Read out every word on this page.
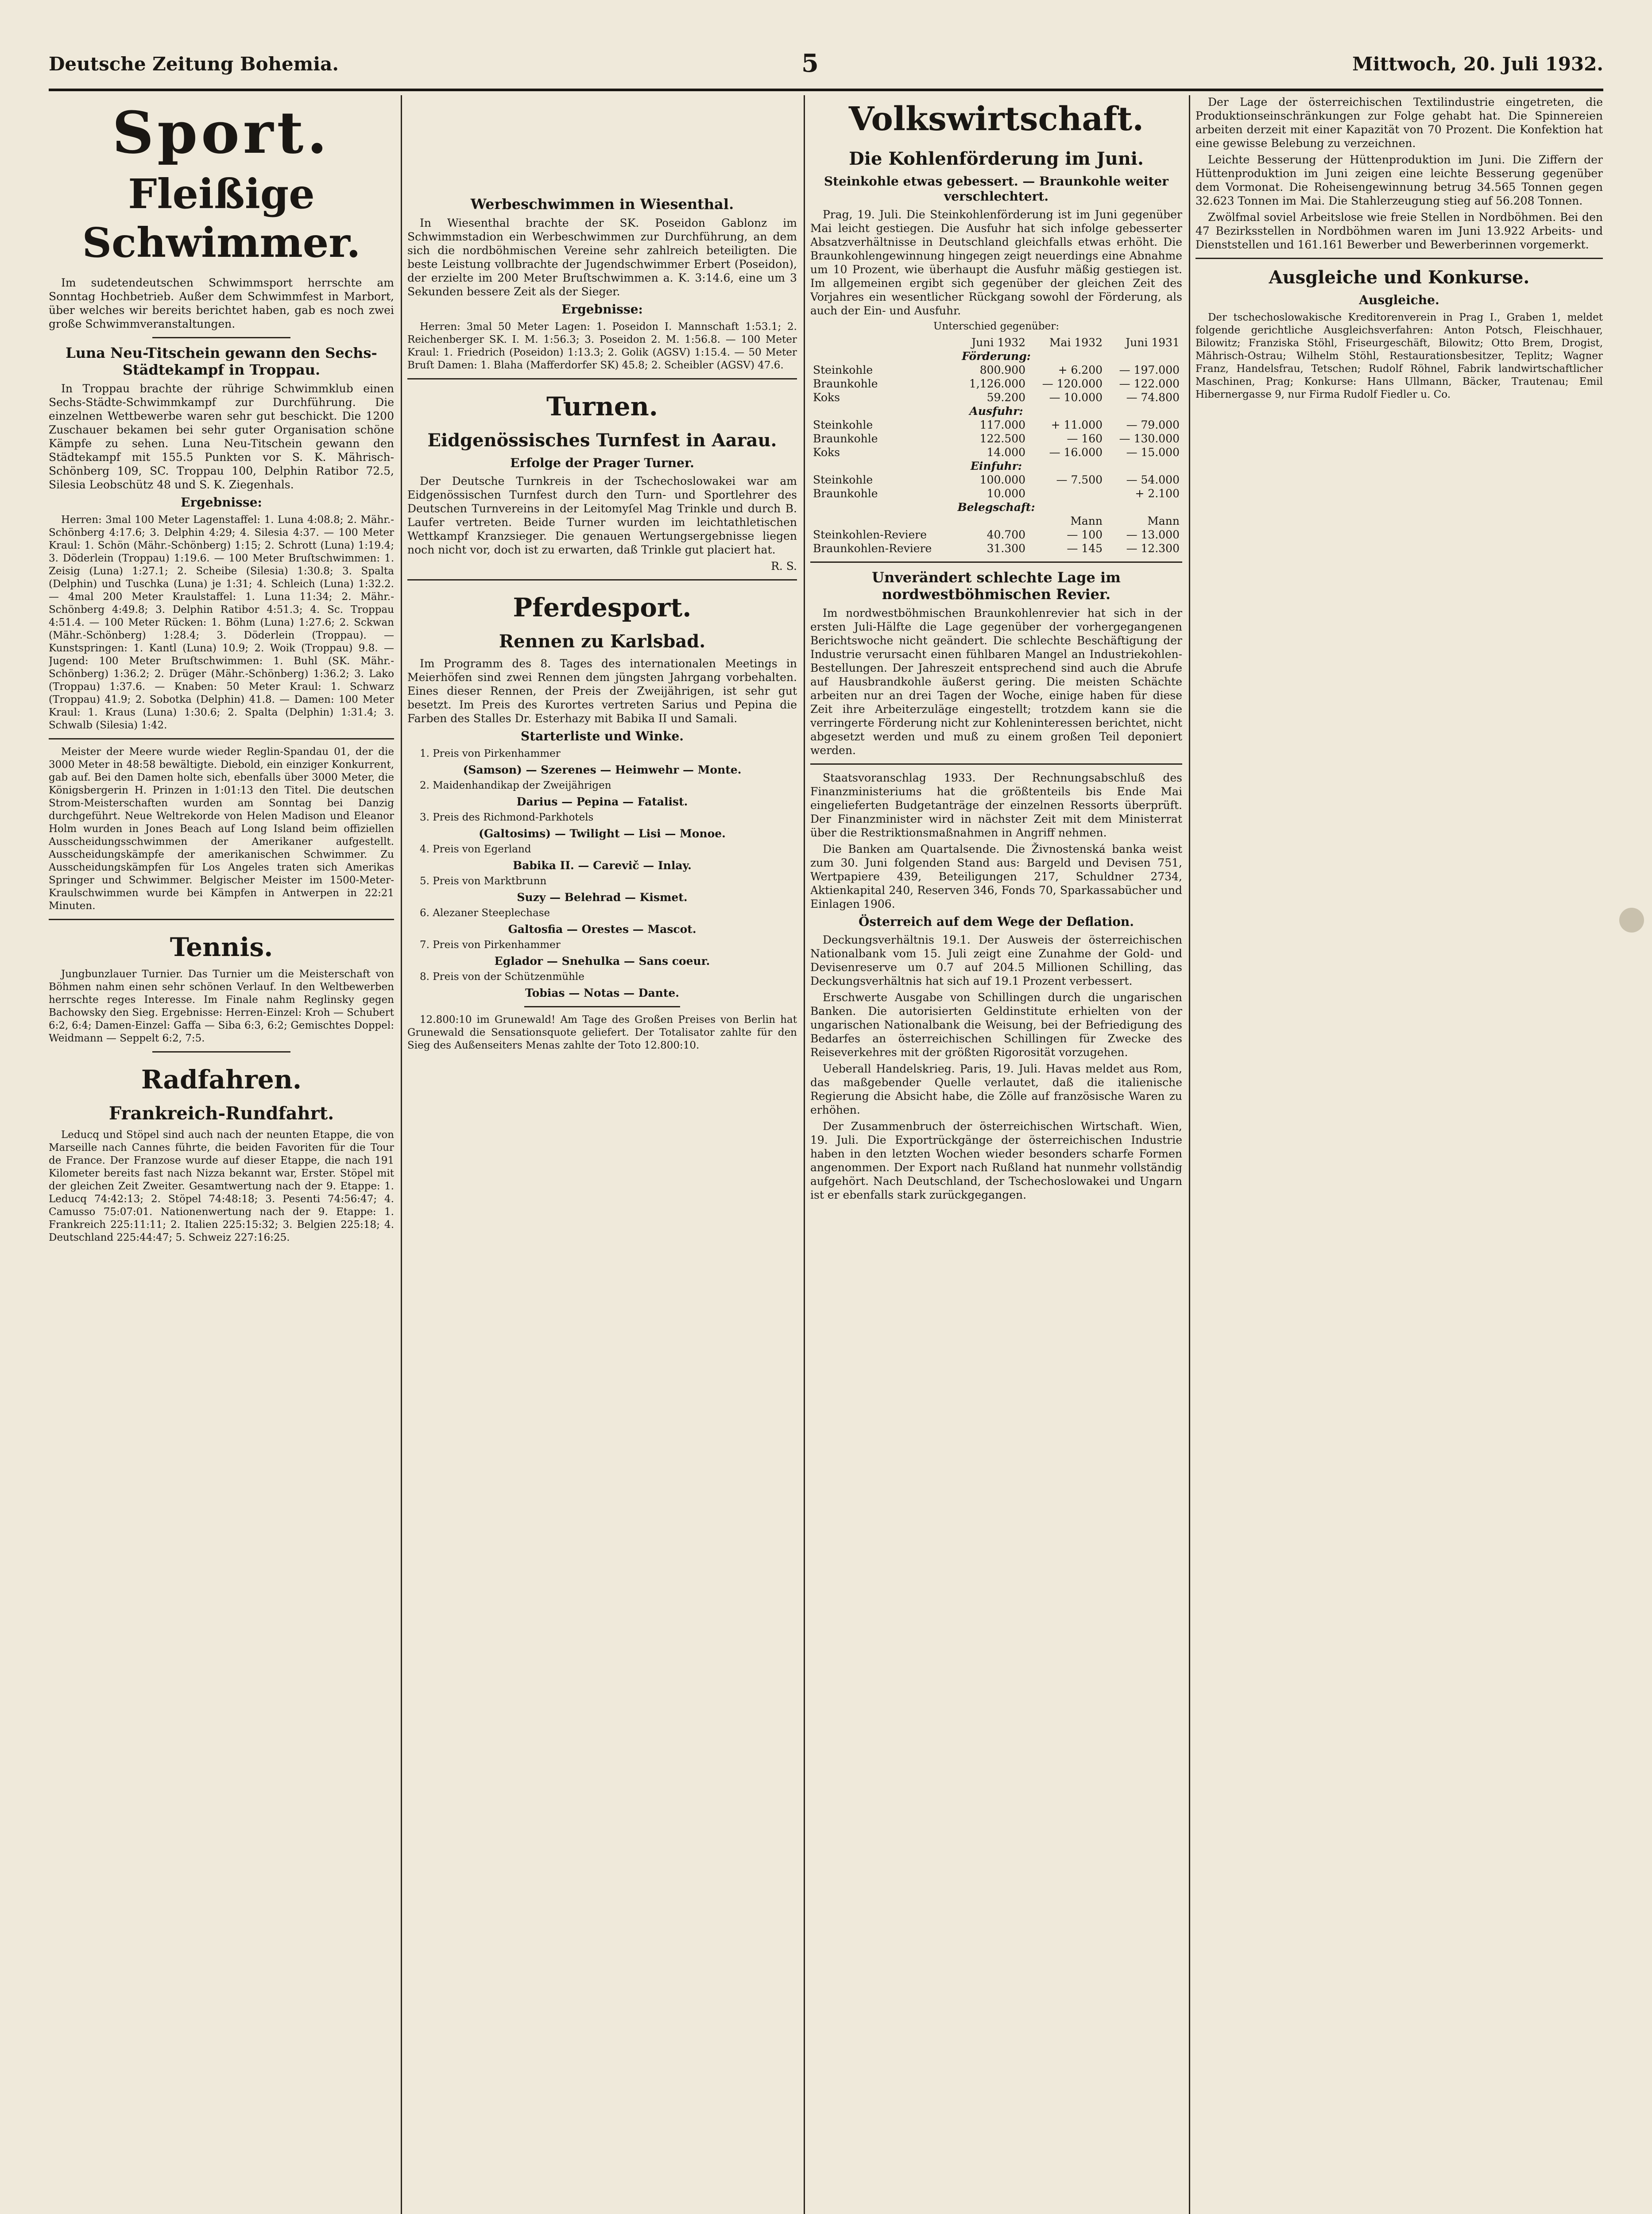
Deutsche Zeitung Bohemia.	5	Mittwoch, 20. Juli 1932.
Sport.
Fleißige Schwimmer.

Im sudetendeutschen Schwimmsport herrschte am Sonntag Hochbetrieb. Außer dem Schwimmfest in Marbort, über welches wir bereits berichtet haben, gab es noch zwei große Schwimmveranstaltungen.

Luna Neu-Titschein gewann den Sechs-Städtekampf in Troppau.

In Troppau brachte der rührige Schwimmklub einen Sechs-Städte-Schwimmkampf zur Durchführung. Die einzelnen Wettbewerbe waren sehr gut beschickt. Die 1200 Zuschauer bekamen bei sehr guter Organisation schöne Kämpfe zu sehen. Luna Neu-Titschein gewann den Städtekampf mit 155.5 Punkten vor S. K. Mährisch-Schönberg 109, SC. Troppau 100, Delphin Ratibor 72.5, Silesia Leobschütz 48 und S. K. Ziegenhals.

Ergebnisse:

Herren: 3mal 100 Meter Lagenstaffel: 1. Luna 4:08.8; 2. Mähr.-Schönberg 4:17.6; 3. Delphin 4:29; 4. Silesia 4:37. — 100 Meter Kraul: 1. Schön (Mähr.-Schönberg) 1:15; 2. Schrott (Luna) 1:19.4; 3. Döderlein (Troppau) 1:19.6. — 100 Meter Bruſtschwimmen: 1. Zeisig (Luna) 1:27.1; 2. Scheibe (Silesia) 1:30.8; 3. Spalta (Delphin) und Tuschka (Luna) je 1:31; 4. Schleich (Luna) 1:32.2. — 4mal 200 Meter Kraulstaffel: 1. Luna 11:34; 2. Mähr.-Schönberg 4:49.8; 3. Delphin Ratibor 4:51.3; 4. Sc. Troppau 4:51.4. — 100 Meter Rücken: 1. Böhm (Luna) 1:27.6; 2. Sckwan (Mähr.-Schönberg) 1:28.4; 3. Döderlein (Troppau). — Kunstspringen: 1. Kantl (Luna) 10.9; 2. Woik (Troppau) 9.8. — Jugend: 100 Meter Bruſtschwimmen: 1. Buhl (SK. Mähr.-Schönberg) 1:36.2; 2. Drüger (Mähr.-Schönberg) 1:36.2; 3. Lako (Troppau) 1:37.6. — Knaben: 50 Meter Kraul: 1. Schwarz (Troppau) 41.9; 2. Sobotka (Delphin) 41.8. — Damen: 100 Meter Kraul: 1. Kraus (Luna) 1:30.6; 2. Spalta (Delphin) 1:31.4; 3. Schwalb (Silesia) 1:42.

Meister der Meere wurde wieder Reglin-Spandau 01, der die 3000 Meter in 48:58 bewältigte. Diebold, ein einziger Konkurrent, gab auf. Bei den Damen holte sich, ebenfalls über 3000 Meter, die Königsbergerin H. Prinzen in 1:01:13 den Titel. Die deutschen Strom-Meisterschaften wurden am Sonntag bei Danzig durchgeführt. Neue Weltrekorde von Helen Madison und Eleanor Holm wurden in Jones Beach auf Long Island beim offiziellen Ausscheidungsschwimmen der Amerikaner aufgestellt. Ausscheidungskämpfe der amerikanischen Schwimmer. Zu Ausscheidungskämpfen für Los Angeles traten sich Amerikas Springer und Schwimmer. Belgischer Meister im 1500-Meter-Kraulschwimmen wurde bei Kämpfen in Antwerpen in 22:21 Minuten.

Tennis.

Jungbunzlauer Turnier. Das Turnier um die Meisterschaft von Böhmen nahm einen sehr schönen Verlauf. In den Weltbewerben herrschte reges Interesse. Im Finale nahm Reglinsky gegen Bachowsky den Sieg. Ergebnisse: Herren-Einzel: Kroh — Schubert 6:2, 6:4; Damen-Einzel: Gaffa — Siba 6:3, 6:2; Gemischtes Doppel: Weidmann — Seppelt 6:2, 7:5.

Radfahren.
Frankreich-Rundfahrt.

Leducq und Stöpel sind auch nach der neunten Etappe, die von Marseille nach Cannes führte, die beiden Favoriten für die Tour de France. Der Franzose wurde auf dieser Etappe, die nach 191 Kilometer bereits fast nach Nizza bekannt war, Erster. Stöpel mit der gleichen Zeit Zweiter. Gesamtwertung nach der 9. Etappe: 1. Leducq 74:42:13; 2. Stöpel 74:48:18; 3. Pesenti 74:56:47; 4. Camusso 75:07:01. Nationenwertung nach der 9. Etappe: 1. Frankreich 225:11:11; 2. Italien 225:15:32; 3. Belgien 225:18; 4. Deutschland 225:44:47; 5. Schweiz 227:16:25.

Werbeschwimmen in Wiesenthal.

In Wiesenthal brachte der SK. Poseidon Gablonz im Schwimmstadion ein Werbeschwimmen zur Durchführung, an dem sich die nordböhmischen Vereine sehr zahlreich beteiligten. Die beste Leistung vollbrachte der Jugendschwimmer Erbert (Poseidon), der erzielte im 200 Meter Bruſtschwimmen a. K. 3:14.6, eine um 3 Sekunden bessere Zeit als der Sieger.

Ergebnisse:

Herren: 3mal 50 Meter Lagen: 1. Poseidon I. Mannschaft 1:53.1; 2. Reichenberger SK. I. M. 1:56.3; 3. Poseidon 2. M. 1:56.8. — 100 Meter Kraul: 1. Friedrich (Poseidon) 1:13.3; 2. Golik (AGSV) 1:15.4. — 50 Meter Bruſt Damen: 1. Blaha (Mafferdorfer SK) 45.8; 2. Scheibler (AGSV) 47.6.

Turnen.
Eidgenössisches Turnfest in Aarau.
Erfolge der Prager Turner.

Der Deutsche Turnkreis in der Tschechoslowakei war am Eidgenössischen Turnfest durch den Turn- und Sportlehrer des Deutschen Turnvereins in der Leitomyſel Mag Trinkle und durch B. Laufer vertreten. Beide Turner wurden im leichtathletischen Wettkampf Kranzsieger. Die genauen Wertungsergebnisse liegen noch nicht vor, doch ist zu erwarten, daß Trinkle gut placiert hat.

R. S.

Pferdesport.
Rennen zu Karlsbad.

Im Programm des 8. Tages des internationalen Meetings in Meierhöfen sind zwei Rennen dem jüngsten Jahrgang vorbehalten. Eines dieser Rennen, der Preis der Zweijährigen, ist sehr gut besetzt. Im Preis des Kurortes vertreten Sarius und Pepina die Farben des Stalles Dr. Esterhazy mit Babika II und Samali.

Starterliste und Winke.

1. Preis von Pirkenhammer

(Samson) — Szerenes — Heimwehr — Monte.

2. Maidenhandikap der Zweijährigen

Darius — Pepina — Fatalist.

3. Preis des Richmond-Parkhotels

(Galtosims) — Twilight — Lisi — Monoe.

4. Preis von Egerland

Babika II. — Carevič — Inlay.

5. Preis von Marktbrunn

Suzy — Belehrad — Kismet.

6. Alezaner Steeplechase

Galtosfia — Orestes — Mascot.

7. Preis von Pirkenhammer

Eglador — Snehulka — Sans coeur.

8. Preis von der Schützenmühle

Tobias — Notas — Dante.

12.800:10 im Grunewald! Am Tage des Großen Preises von Berlin hat Grunewald die Sensationsquote geliefert. Der Totalisator zahlte für den Sieg des Außenseiters Menas zahlte der Toto 12.800:10.

Volkswirtschaft.
Die Kohlenförderung im Juni.
Steinkohle etwas gebessert. — Braunkohle weiter verschlechtert.

Prag, 19. Juli. Die Steinkohlenförderung ist im Juni gegenüber Mai leicht gestiegen. Die Ausfuhr hat sich infolge gebesserter Absatzverhältnisse in Deutschland gleichfalls etwas erhöht. Die Braunkohlengewinnung hingegen zeigt neuerdings eine Abnahme um 10 Prozent, wie überhaupt die Ausfuhr mäßig gestiegen ist. Im allgemeinen ergibt sich gegenüber der gleichen Zeit des Vorjahres ein wesentlicher Rückgang sowohl der Förderung, als auch der Ein- und Ausfuhr.

Unterschied gegenüber:
	Juni 1932	Mai 1932	Juni 1931
Förderung:			
Steinkohle	800.900	+ 6.200	— 197.000
Braunkohle	1,126.000	— 120.000	— 122.000
Koks	59.200	— 10.000	— 74.800
Ausfuhr:			
Steinkohle	117.000	+ 11.000	— 79.000
Braunkohle	122.500	— 160	— 130.000
Koks	14.000	— 16.000	— 15.000
Einfuhr:			
Steinkohle	100.000	— 7.500	— 54.000
Braunkohle	10.000		+ 2.100
Belegschaft:			
		Mann	Mann
Steinkohlen-Reviere	40.700	— 100	— 13.000
Braunkohlen-Reviere	31.300	— 145	— 12.300
Unverändert schlechte Lage im nordwestböhmischen Revier.

Im nordwestböhmischen Braunkohlenrevier hat sich in der ersten Juli-Hälfte die Lage gegenüber der vorhergegangenen Berichtswoche nicht geändert. Die schlechte Beschäftigung der Industrie verursacht einen fühlbaren Mangel an Industriekohlen-Bestellungen. Der Jahreszeit entsprechend sind auch die Abrufe auf Hausbrandkohle äußerst gering. Die meisten Schächte arbeiten nur an drei Tagen der Woche, einige haben für diese Zeit ihre Arbeiterzuläge eingestellt; trotzdem kann sie die verringerte Förderung nicht zur Kohleninteressen berichtet, nicht abgesetzt werden und muß zu einem großen Teil deponiert werden.

Staatsvoranschlag 1933. Der Rechnungsabschluß des Finanzministeriums hat die größtenteils bis Ende Mai eingelieferten Budgetanträge der einzelnen Ressorts überprüft. Der Finanzminister wird in nächster Zeit mit dem Ministerrat über die Restriktionsmaßnahmen in Angriff nehmen.

Die Banken am Quartalsende. Die Živnostenská banka weist zum 30. Juni folgenden Stand aus: Bargeld und Devisen 751, Wertpapiere 439, Beteiligungen 217, Schuldner 2734, Aktienkapital 240, Reserven 346, Fonds 70, Sparkassabücher und Einlagen 1906.

Österreich auf dem Wege der Deflation.

Deckungsverhältnis 19.1. Der Ausweis der österreichischen Nationalbank vom 15. Juli zeigt eine Zunahme der Gold- und Devisenreserve um 0.7 auf 204.5 Millionen Schilling, das Deckungsverhältnis hat sich auf 19.1 Prozent verbessert.

Erschwerte Ausgabe von Schillingen durch die ungarischen Banken. Die autorisierten Geldinstitute erhielten von der ungarischen Nationalbank die Weisung, bei der Befriedigung des Bedarfes an österreichischen Schillingen für Zwecke des Reiseverkehres mit der größten Rigorosität vorzugehen.

Ueberall Handelskrieg. Paris, 19. Juli. Havas meldet aus Rom, das maßgebender Quelle verlautet, daß die italienische Regierung die Absicht habe, die Zölle auf französische Waren zu erhöhen.

Der Zusammenbruch der österreichischen Wirtschaft. Wien, 19. Juli. Die Exportrückgänge der österreichischen Industrie haben in den letzten Wochen wieder besonders scharfe Formen angenommen. Der Export nach Rußland hat nunmehr vollständig aufgehört. Nach Deutschland, der Tschechoslowakei und Ungarn ist er ebenfalls stark zurückgegangen.

Der Lage der österreichischen Textilindustrie eingetreten, die Produktionseinschränkungen zur Folge gehabt hat. Die Spinnereien arbeiten derzeit mit einer Kapazität von 70 Prozent. Die Konfektion hat eine gewisse Belebung zu verzeichnen.

Leichte Besserung der Hüttenproduktion im Juni. Die Ziffern der Hüttenproduktion im Juni zeigen eine leichte Besserung gegenüber dem Vormonat. Die Roheisengewinnung betrug 34.565 Tonnen gegen 32.623 Tonnen im Mai. Die Stahlerzeugung stieg auf 56.208 Tonnen.

Zwölfmal soviel Arbeitslose wie freie Stellen in Nordböhmen. Bei den 47 Bezirksstellen in Nordböhmen waren im Juni 13.922 Arbeits- und Dienststellen und 161.161 Bewerber und Bewerberinnen vorgemerkt.

Ausgleiche und Konkurse.
Ausgleiche.

Der tschechoslowakische Kreditorenverein in Prag I., Graben 1, meldet folgende gerichtliche Ausgleichsverfahren: Anton Potsch, Fleischhauer, Bilowitz; Franziska Stöhl, Friseurgeschäft, Bilowitz; Otto Brem, Drogist, Mährisch-Ostrau; Wilhelm Stöhl, Restaurationsbesitzer, Teplitz; Wagner Franz, Handelsfrau, Tetschen; Rudolf Röhnel, Fabrik landwirtschaftlicher Maschinen, Prag; Konkurse: Hans Ullmann, Bäcker, Trautenau; Emil Hibernergasse 9, nur Firma Rudolf Fiedler u. Co.
